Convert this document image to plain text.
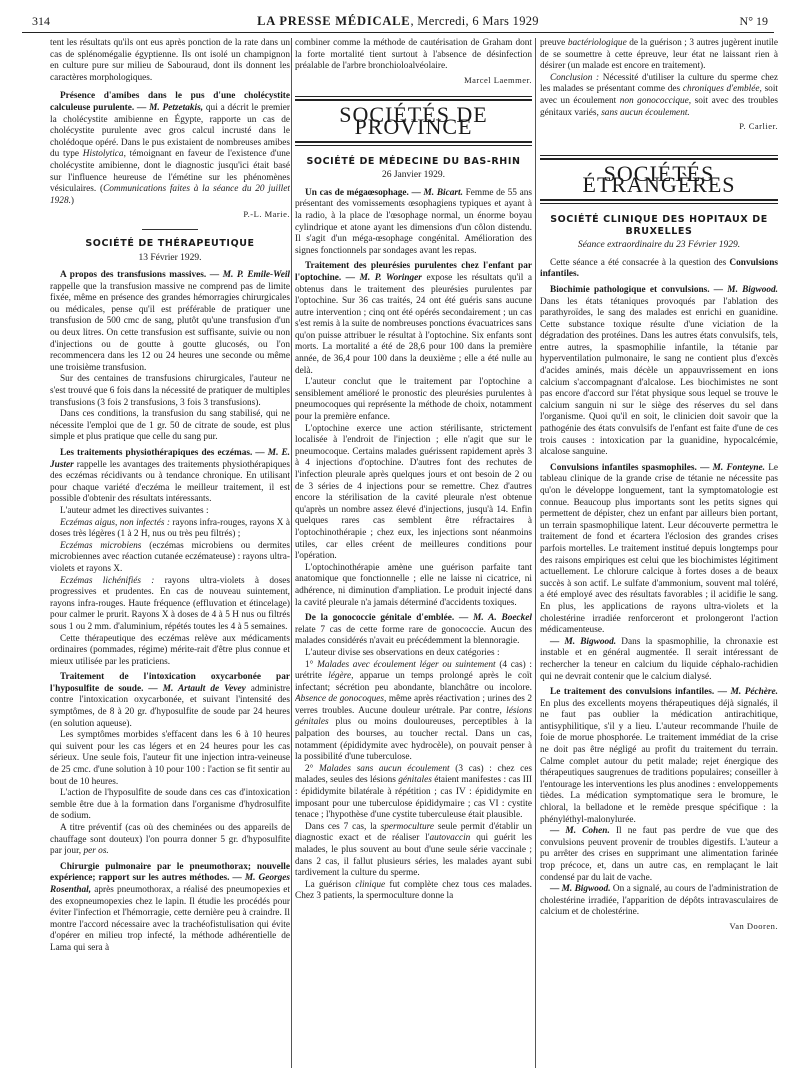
314	LA PRESSE MÉDICALE, Mercredi, 6 Mars 1929	N° 19

tent les résultats qu'ils ont eus après ponction de la rate dans un cas de splénomégalie égyptienne. Ils ont isolé un champignon en culture pure sur milieu de Sabouraud, dont ils donnent les caractères morphologiques.

Présence d'amibes dans le pus d'une cholécystite calculeuse purulente. — M. Petzetakis, qui a décrit le premier la cholécystite amibienne en Égypte, rapporte un cas de cholécystite purulente avec gros calcul incrusté dans le cholédoque opéré. Dans le pus existaient de nombreuses amibes du type Histolytica, témoignant en faveur de l'existence d'une cholécystite amibienne, dont le diagnostic jusqu'ici était basé sur l'influence heureuse de l'émétine sur les phénomènes vésiculaires. (Communications faites à la séance du 20 juillet 1928.)

P.-L. Marie.

SOCIÉTÉ DE THÉRAPEUTIQUE

13 Février 1929.

A propos des transfusions massives. — M. P. Emile-Weil rappelle que la transfusion massive ne comprend pas de limite fixée, même en présence des grandes hémorragies chirurgicales ou médicales, pense qu'il est préférable de pratiquer une transfusion de 500 cmc de sang, plutôt qu'une transfusion d'un ou deux litres. On cette transfusion est suffisante, suivie ou non d'injections ou de goutte à goutte glucosés, ou l'on recommencera dans les 12 ou 24 heures une seconde ou même une troisième transfusion.

Sur des centaines de transfusions chirurgicales, l'auteur ne s'est trouvé que 6 fois dans la nécessité de pratiquer de multiples transfusions (3 fois 2 transfusions, 3 fois 3 transfusions).

Dans ces conditions, la transfusion du sang stabilisé, qui ne nécessite l'emploi que de 1 gr. 50 de citrate de soude, est plus simple et plus pratique que celle du sang pur.

Les traitements physiothérapiques des eczémas. — M. E. Juster rappelle les avantages des traitements physiothérapiques des eczémas récidivants ou à tendance chronique. En utilisant pour chaque variété d'eczéma le meilleur traitement, il est possible d'obtenir des résultats intéressants.

L'auteur admet les directives suivantes :

Eczémas aigus, non infectés : rayons infra-rouges, rayons X à doses très légères (1 à 2 H, nus ou très peu filtrés) ;

Eczémas microbiens (eczémas microbiens ou dermites microbiennes avec réaction cutanée eczémateuse) : rayons ultra-violets et rayons X.

Eczémas lichénifiés : rayons ultra-violets à doses progressives et prudentes. En cas de nouveau suintement, rayons infra-rouges. Haute fréquence (effluvation et étincelage) pour calmer le prurit. Rayons X à doses de 4 à 5 H nus ou filtrés sous 1 ou 2 mm. d'aluminium, répétés toutes les 4 à 5 semaines.

Cette thérapeutique des eczémas relève aux médicaments ordinaires (pommades, régime) mérite-rait d'être plus connue et mieux utilisée par les praticiens.

Traitement de l'intoxication oxycarbonée par l'hyposulfite de soude. — M. Artault de Vevey administre contre l'intoxication oxycarbonée, et suivant l'intensité des symptômes, de 8 à 20 gr. d'hyposulfite de soude par 24 heures (en solution aqueuse).

Les symptômes morbides s'effacent dans les 6 à 10 heures qui suivent pour les cas légers et en 24 heures pour les cas sérieux. Une seule fois, l'auteur fit une injection intra-veineuse de 25 cmc. d'une solution à 10 pour 100 : l'action se fit sentir au bout de 10 heures.

L'action de l'hyposulfite de soude dans ces cas d'intoxication semble être due à la formation dans l'organisme d'hydrosulfite de sodium.

A titre préventif (cas où des cheminées ou des appareils de chauffage sont douteux) l'on pourra donner 5 gr. d'hyposulfite par jour, per os.

Chirurgie pulmonaire par le pneumothorax; nouvelle expérience; rapport sur les autres méthodes. — M. Georges Rosenthal, après pneumothorax, a réalisé des pneumopexies et des exopneumopexies chez le lapin. Il étudie les procédés pour éviter l'infection et l'hémorragie, cette dernière peu à craindre. Il montre l'accord nécessaire avec la trachéofistulisation qui évite d'opérer en milieu trop infecté, la méthode adhérentielle de Lama qui sera à

combiner comme la méthode de cautérisation de Graham dont la forte mortalité tient surtout à l'absence de désinfection préalable de l'arbre bronchioloalvéolaire.

Marcel Laemmer.

SOCIÉTÉS DE PROVINCE

SOCIÉTÉ DE MÉDECINE DU BAS-RHIN

26 Janvier 1929.

Un cas de mégaœsophage. — M. Bicart. Femme de 55 ans présentant des vomissements œsophagiens typiques et ayant à la radio, à la place de l'œsophage normal, un énorme boyau cylindrique et atone ayant les dimensions d'un côlon distendu. Il s'agit d'un méga-œsophage congénital. Amélioration des signes fonctionnels par sondages avant les repas.

Traitement des pleurésies purulentes chez l'enfant par l'optochine. — M. P. Woringer expose les résultats qu'il a obtenus dans le traitement des pleurésies purulentes par l'optochine. Sur 36 cas traités, 24 ont été guéris sans aucune autre intervention ; cinq ont été opérés secondairement ; un cas s'est remis à la suite de nombreuses ponctions évacuatrices sans qu'on puisse attribuer le résultat à l'optochine. Six enfants sont morts. La mortalité a été de 28,6 pour 100 dans la première année, de 36,4 pour 100 dans la deuxième ; elle a été nulle au delà.

L'auteur conclut que le traitement par l'optochine a sensiblement amélioré le pronostic des pleurésies purulentes à pneumocoques qui représente la méthode de choix, notamment pour la première enfance.

L'optochine exerce une action stérilisante, strictement localisée à l'endroit de l'injection ; elle n'agit que sur le pneumocoque. Certains malades guérissent rapidement après 3 à 4 injections d'optochine. D'autres font des rechutes de l'infection pleurale après quelques jours et ont besoin de 2 ou de 3 séries de 4 injections pour se remettre. Chez d'autres encore la stérilisation de la cavité pleurale n'est obtenue qu'après un nombre assez élevé d'injections, jusqu'à 14. Enfin quelques rares cas semblent être réfractaires à l'optochinothérapie ; chez eux, les injections sont néanmoins utiles, car elles créent de meilleures conditions pour l'opération.

L'optochinothérapie amène une guérison parfaite tant anatomique que fonctionnelle ; elle ne laisse ni cicatrice, ni adhérence, ni diminution d'ampliation. Le produit injecté dans la cavité pleurale n'a jamais déterminé d'accidents toxiques.

De la gonococcie génitale d'emblée. — M. A. Boeckel relate 7 cas de cette forme rare de gonococcie. Aucun des malades considérés n'avait eu précédemment la blennoragie.

L'auteur divise ses observations en deux catégories :

1° Malades avec écoulement léger ou suintement (4 cas) : urétrite légère, apparue un temps prolongé après le coït infectant; sécrétion peu abondante, blanchâtre ou incolore. Absence de gonocoques, même après réactivation ; urines des 2 verres troubles. Aucune douleur urétrale. Par contre, lésions génitales plus ou moins douloureuses, perceptibles à la palpation des bourses, au toucher rectal. Dans un cas, notamment (épididymite avec hydrocèle), on pouvait penser à la possibilité d'une tuberculose.

2° Malades sans aucun écoulement (3 cas) : chez ces malades, seules des lésions génitales étaient manifestes : cas III : épididymite bilatérale à répétition ; cas IV : épididymite en imposant pour une tuberculose épididymaire ; cas VI : cystite tenace ; l'hypothèse d'une cystite tuberculeuse était plausible.

Dans ces 7 cas, la spermoculture seule permit d'établir un diagnostic exact et de réaliser l'autovaccin qui guérit les malades, le plus souvent au bout d'une seule série vaccinale ; dans 2 cas, il fallut plusieurs séries, les malades ayant subi tardivement la culture du sperme.

La guérison clinique fut complète chez tous ces malades. Chez 3 patients, la spermoculture donne la

preuve bactériologique de la guérison ; 3 autres jugèrent inutile de se soumettre à cette épreuve, leur état ne laissant rien à désirer (un malade est encore en traitement).

Conclusion : Nécessité d'utiliser la culture du sperme chez les malades se présentant comme des chroniques d'emblée, soit avec un écoulement non gonococcique, soit avec des troubles génitaux variés, sans aucun écoulement.

P. Carlier.

SOCIÉTÉS ÉTRANGÈRES

SOCIÉTÉ CLINIQUE DES HOPITAUX DE BRUXELLES

Séance extraordinaire du 23 Février 1929.

Cette séance a été consacrée à la question des Convulsions infantiles.

Biochimie pathologique et convulsions. — M. Bigwood. Dans les états tétaniques provoqués par l'ablation des parathyroïdes, le sang des malades est enrichi en guanidine. Cette substance toxique résulte d'une viciation de la dégradation des protéines. Dans les autres états convulsifs, tels, entre autres, la spasmophilie infantile, la tétanie par hyperventilation pulmonaire, le sang ne contient plus d'excès d'acides aminés, mais décèle un appauvrissement en ions calcium s'accompagnant d'alcalose. Les biochimistes ne sont pas encore d'accord sur l'état physique sous lequel se trouve le calcium sanguin ni sur le siège des réserves du sel dans l'organisme. Quoi qu'il en soit, le clinicien doit savoir que la pathogénie des états convulsifs de l'enfant est faite d'une de ces trois causes : intoxication par la guanidine, hypocalcémie, alcalose sanguine.

Convulsions infantiles spasmophiles. — M. Fonteyne. Le tableau clinique de la grande crise de tétanie ne nécessite pas qu'on le développe longuement, tant la symptomatologie est connue. Beaucoup plus importants sont les petits signes qui permettent de dépister, chez un enfant par ailleurs bien portant, un terrain spasmophilique latent. Leur découverte permettra le traitement de fond et écartera l'éclosion des grandes crises parfois mortelles. Le traitement institué depuis longtemps pour des raisons empiriques est celui que les biochimistes légitiment actuellement. Le chlorure calcique à fortes doses a de beaux succès à son actif. Le sulfate d'ammonium, souvent mal toléré, a été employé avec des résultats favorables ; il acidifie le sang. En plus, les applications de rayons ultra-violets et la cholestérine irradiée renforceront et prolongeront l'action médicamenteuse.

— M. Bigwood. Dans la spasmophilie, la chronaxie est instable et en général augmentée. Il serait intéressant de rechercher la teneur en calcium du liquide céphalo-rachidien qui ne devrait contenir que le calcium dialysé.

Le traitement des convulsions infantiles. — M. Péchère. En plus des excellents moyens thérapeutiques déjà signalés, il ne faut pas oublier la médication antirachitique, antisyphilitique, s'il y a lieu. L'auteur recommande l'huile de foie de morue phosphorée. Le traitement immédiat de la crise ne doit pas être négligé au profit du traitement du terrain. Calme complet autour du petit malade; rejet énergique des thérapeutiques saugrenues de traditions populaires; conseiller à l'entourage les interventions les plus anodines : enveloppements tièdes. La médication symptomatique sera le bromure, le chloral, la belladone et le remède presque spécifique : la phényléthyl-malonylurée.

— M. Cohen. Il ne faut pas perdre de vue que des convulsions peuvent provenir de troubles digestifs. L'auteur a pu arrêter des crises en supprimant une alimentation farinée trop précoce, et, dans un autre cas, en remplaçant le lait condensé par du lait de vache.

— M. Bigwood. On a signalé, au cours de l'administration de cholestérine irradiée, l'apparition de dépôts intravasculaires de calcium et de cholestérine.

Van Dooren.
